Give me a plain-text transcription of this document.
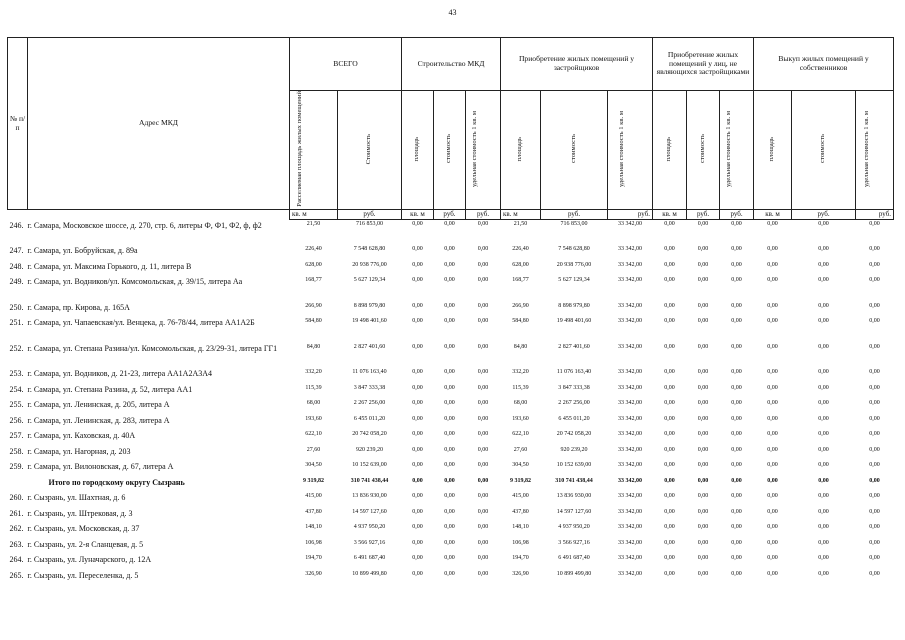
43
№ п/п	Адрес МКД	ВСЕГО		Строительство МКД			Приобретение жилых помещений у застройщиков			Приобретение жилых помещений у лиц, не являющихся застройщиками			Выкуп жилых помещений у собственников		
		Расселяемая площадь жилых помещений	Стоимость	площадь	стоимость	удельная стоимость 1 кв. м	площадь	стоимость	удельная стоимость 1 кв. м	площадь	стоимость	удельная стоимость 1 кв. м	площадь	стоимость	удельная стоимость 1 кв. м
		кв. м	руб.	кв. м	руб.	руб.	кв. м	руб.	руб.	кв. м	руб.	руб.	кв. м	руб.	руб.
246.	г. Самара, Московское шоссе, д. 270, стр. 6, литеры Ф, Ф1, Ф2, ф, ф2	21,50	716 853,00	0,00	0,00	0,00	21,50	716 853,00	33 342,00	0,00	0,00	0,00	0,00	0,00	0,00
247.	г. Самара, ул. Бобруйская, д. 89а	226,40	7 548 628,80	0,00	0,00	0,00	226,40	7 548 628,80	33 342,00	0,00	0,00	0,00	0,00	0,00	0,00
248.	г. Самара, ул. Максима Горького, д. 11, литера В	628,00	20 938 776,00	0,00	0,00	0,00	628,00	20 938 776,00	33 342,00	0,00	0,00	0,00	0,00	0,00	0,00
249.	г. Самара, ул. Водников/ул. Комсомольская, д. 39/15, литера Аа	168,77	5 627 129,34	0,00	0,00	0,00	168,77	5 627 129,34	33 342,00	0,00	0,00	0,00	0,00	0,00	0,00
250.	г. Самара, пр. Кирова, д. 165А	266,90	8 898 979,80	0,00	0,00	0,00	266,90	8 898 979,80	33 342,00	0,00	0,00	0,00	0,00	0,00	0,00
251.	г. Самара, ул. Чапаевская/ул. Венцека, д. 76-78/44, литера АА1А2Б	584,80	19 498 401,60	0,00	0,00	0,00	584,80	19 498 401,60	33 342,00	0,00	0,00	0,00	0,00	0,00	0,00
252.	г. Самара, ул. Степана Разина/ул. Комсомольская, д. 23/29-31, литера ГГ1	84,80	2 827 401,60	0,00	0,00	0,00	84,80	2 827 401,60	33 342,00	0,00	0,00	0,00	0,00	0,00	0,00
253.	г. Самара, ул. Водников, д. 21-23, литера АА1А2А3А4	332,20	11 076 163,40	0,00	0,00	0,00	332,20	11 076 163,40	33 342,00	0,00	0,00	0,00	0,00	0,00	0,00
254.	г. Самара, ул. Степана Разина, д. 52, литера АА1	115,39	3 847 333,38	0,00	0,00	0,00	115,39	3 847 333,38	33 342,00	0,00	0,00	0,00	0,00	0,00	0,00
255.	г. Самара, ул. Ленинская, д. 205, литера А	68,00	2 267 256,00	0,00	0,00	0,00	68,00	2 267 256,00	33 342,00	0,00	0,00	0,00	0,00	0,00	0,00
256.	г. Самара, ул. Ленинская, д. 283, литера А	193,60	6 455 011,20	0,00	0,00	0,00	193,60	6 455 011,20	33 342,00	0,00	0,00	0,00	0,00	0,00	0,00
257.	г. Самара, ул. Каховская, д. 40А	622,10	20 742 058,20	0,00	0,00	0,00	622,10	20 742 058,20	33 342,00	0,00	0,00	0,00	0,00	0,00	0,00
258.	г. Самара, ул. Нагорная, д. 203	27,60	920 239,20	0,00	0,00	0,00	27,60	920 239,20	33 342,00	0,00	0,00	0,00	0,00	0,00	0,00
259.	г. Самара, ул. Вилоновская, д. 67, литера А	304,50	10 152 639,00	0,00	0,00	0,00	304,50	10 152 639,00	33 342,00	0,00	0,00	0,00	0,00	0,00	0,00
	Итого по городскому округу Сызрань	9 319,82	310 741 438,44	0,00	0,00	0,00	9 319,82	310 741 438,44	33 342,00	0,00	0,00	0,00	0,00	0,00	0,00
260.	г. Сызрань, ул. Шахтная, д. 6	415,00	13 836 930,00	0,00	0,00	0,00	415,00	13 836 930,00	33 342,00	0,00	0,00	0,00	0,00	0,00	0,00
261.	г. Сызрань, ул. Штрековая, д. 3	437,80	14 597 127,60	0,00	0,00	0,00	437,80	14 597 127,60	33 342,00	0,00	0,00	0,00	0,00	0,00	0,00
262.	г. Сызрань, ул. Московская, д. 37	148,10	4 937 950,20	0,00	0,00	0,00	148,10	4 937 950,20	33 342,00	0,00	0,00	0,00	0,00	0,00	0,00
263.	г. Сызрань, ул. 2-я Сланцевая, д. 5	106,98	3 566 927,16	0,00	0,00	0,00	106,98	3 566 927,16	33 342,00	0,00	0,00	0,00	0,00	0,00	0,00
264.	г. Сызрань, ул. Луначарского, д. 12А	194,70	6 491 687,40	0,00	0,00	0,00	194,70	6 491 687,40	33 342,00	0,00	0,00	0,00	0,00	0,00	0,00
265.	г. Сызрань, ул. Переселенка, д. 5	326,90	10 899 499,80	0,00	0,00	0,00	326,90	10 899 499,80	33 342,00	0,00	0,00	0,00	0,00	0,00	0,00
